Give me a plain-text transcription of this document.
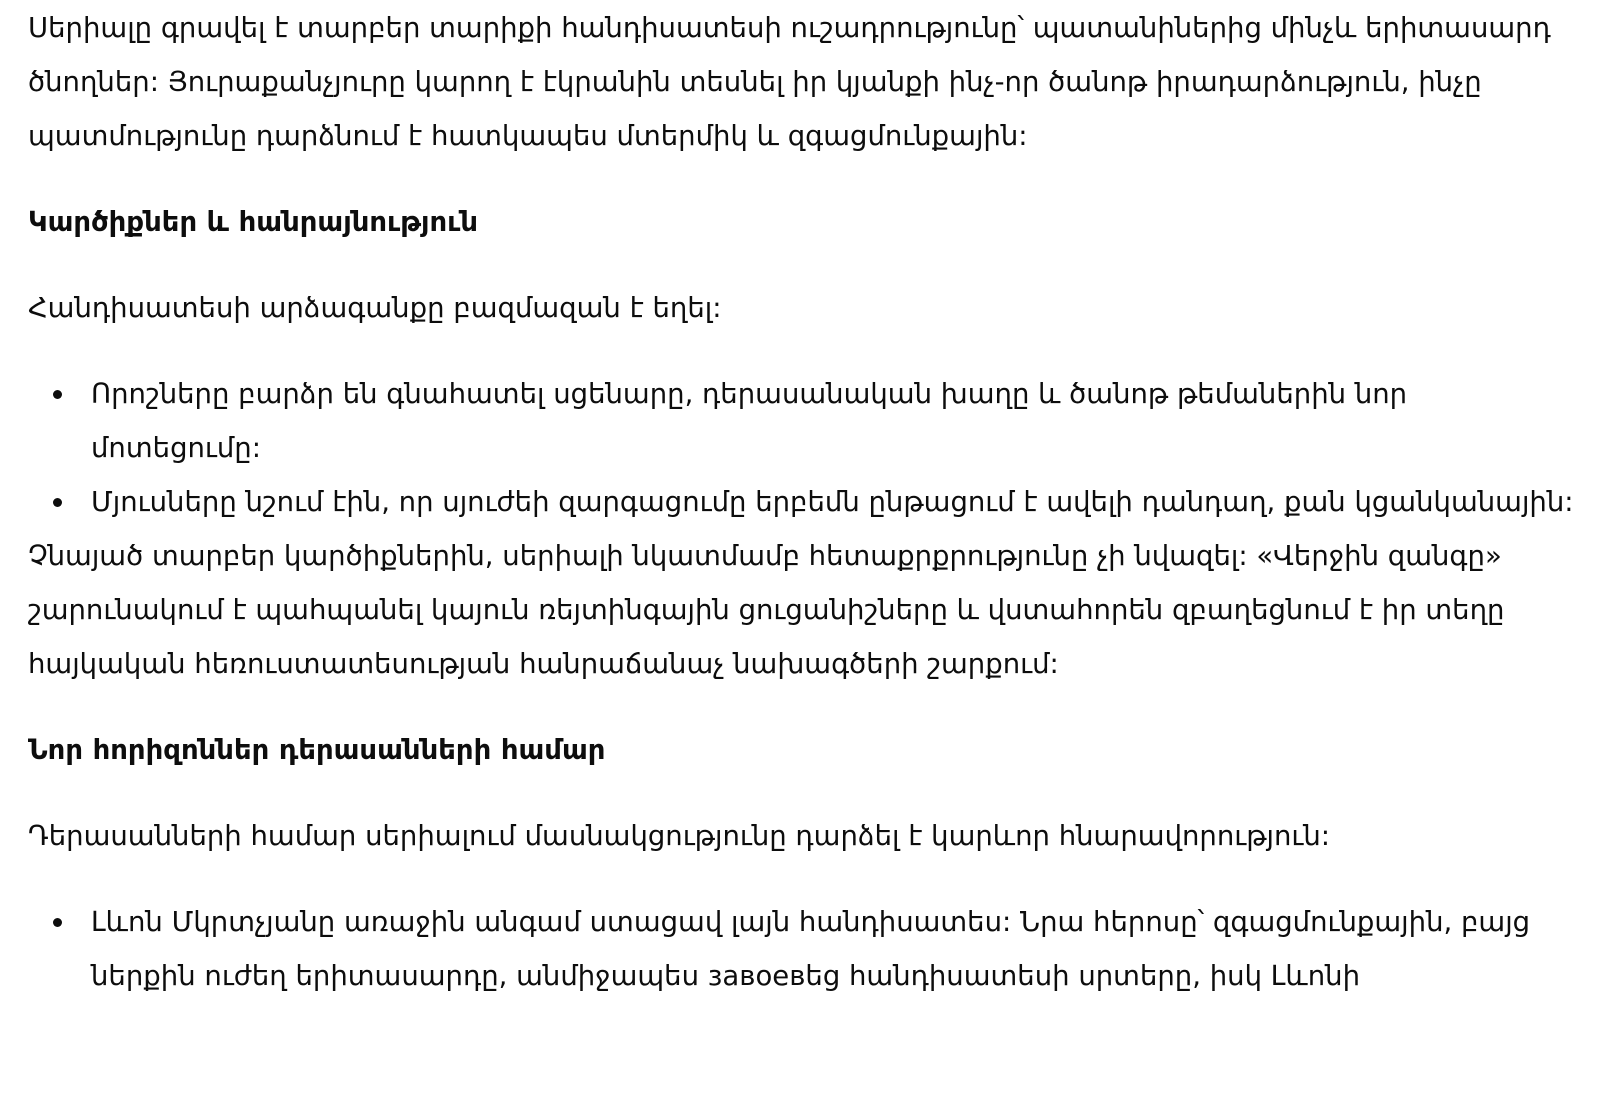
Սերիալը գրավել է տարբեր տարիքի հանդիսատեսի ուշադրությունը՝ պատանիներից մինչև երիտասարդ ծնողներ: Յուրաքանչյուրը կարող է էկրանին տեսնել իր կյանքի ինչ-որ ծանոթ իրադարձություն, ինչը պատմությունը դարձնում է հատկապես մտերմիկ և զգացմունքային:

Կարծիքներ և հանրայնություն

Հանդիսատեսի արձագանքը բազմազան է եղել:

Որոշները բարձր են գնահատել սցենարը, դերասանական խաղը և ծանոթ թեմաներին նոր մոտեցումը:
Մյուսները նշում էին, որ սյուժեի զարգացումը երբեմն ընթացում է ավելի դանդաղ, քան կցանկանային:

Չնայած տարբեր կարծիքներին, սերիալի նկատմամբ հետաքրքրությունը չի նվազել: «Վերջին զանգը» շարունակում է պահպանել կայուն ռեյտինգային ցուցանիշները և վստահորեն զբաղեցնում է իր տեղը հայկական հեռուստատեսության հանրաճանաչ նախագծերի շարքում:

Նոր հորիզոններ դերասանների համար

Դերասանների համար սերիալում մասնակցությունը դարձել է կարևոր հնարավորություն:

Լևոն Մկրտչյանը առաջին անգամ ստացավ լայն հանդիսատես: Նրա հերոսը՝ զգացմունքային, բայց ներքին ուժեղ երիտասարդը, անմիջապես завоевեց հանդիսատեսի սրտերը, իսկ Լևոնի
